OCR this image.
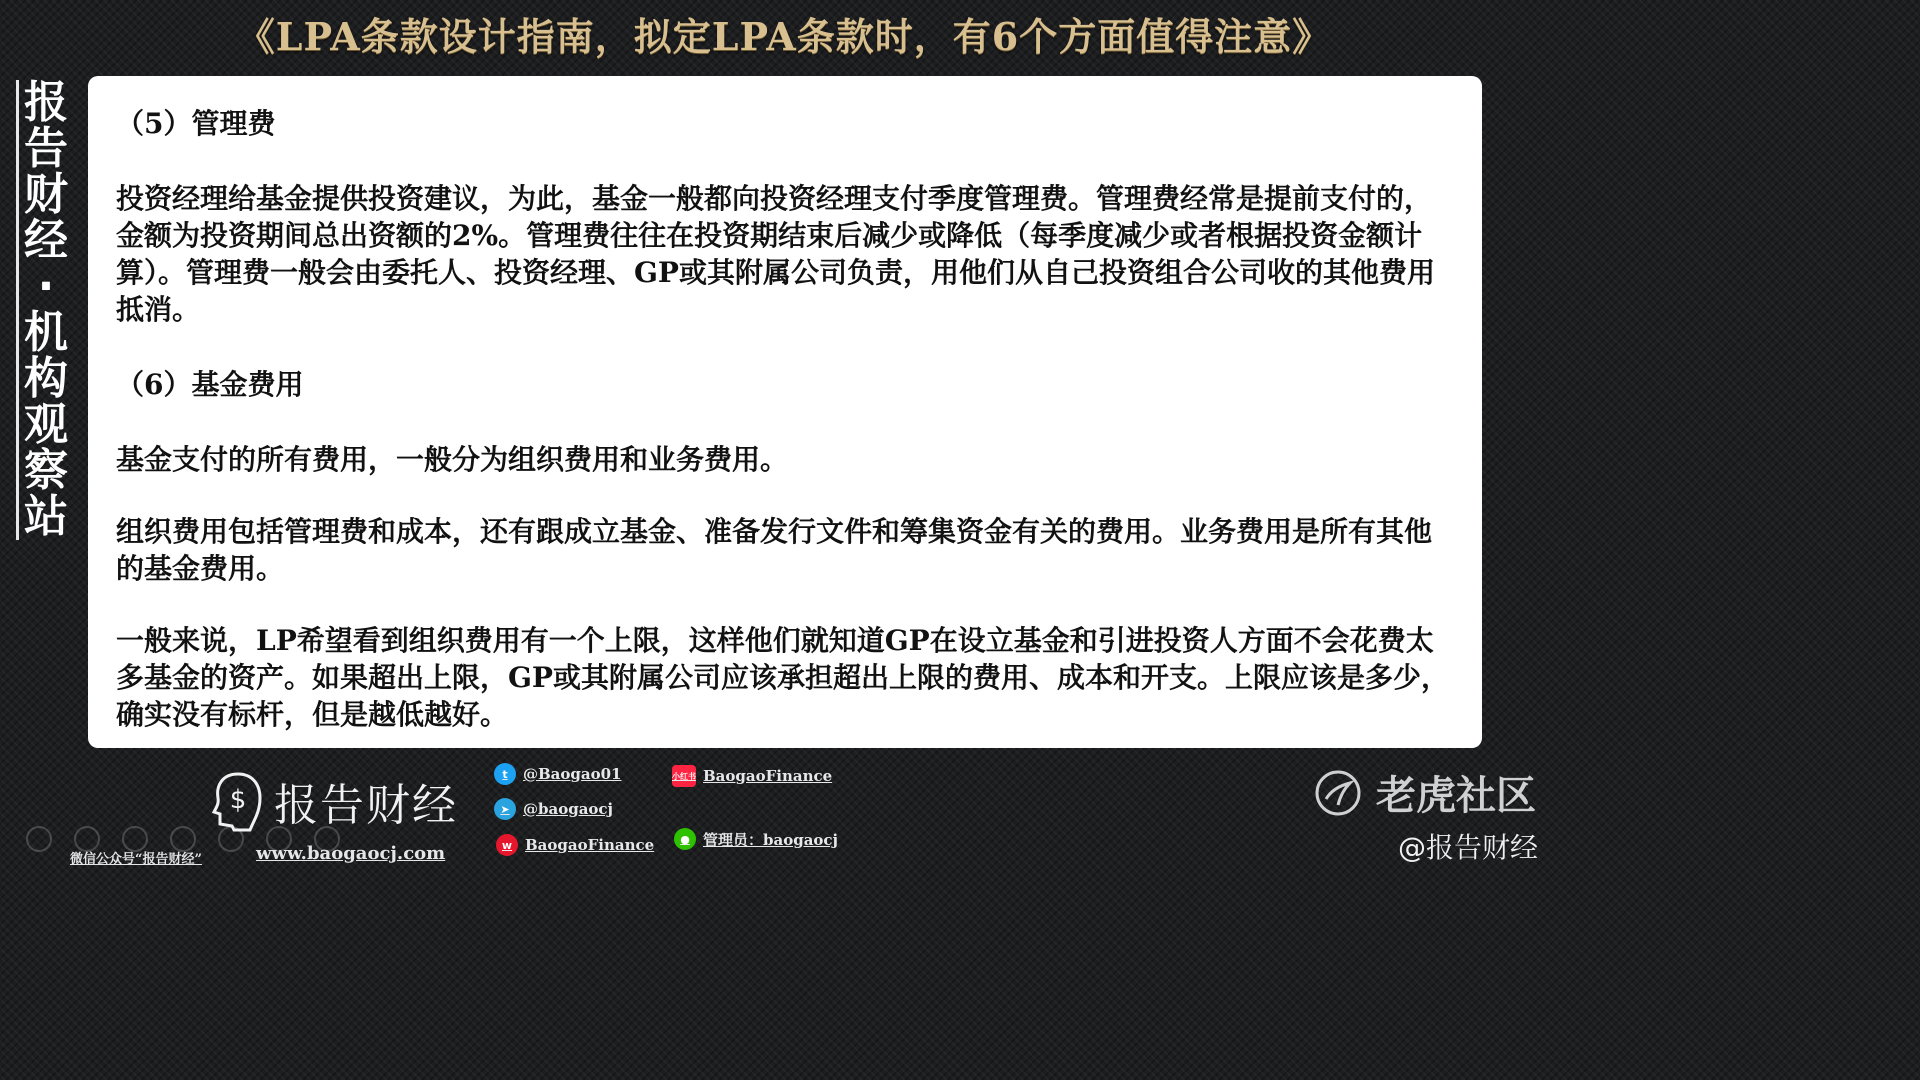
《LPA条款设计指南，拟定LPA条款时，有6个方面值得注意》
报告财经·机构观察站
（5）管理费
投资经理给基金提供投资建议，为此，基金一般都向投资经理支付季度管理费。管理费经常是提前支付的，金额为投资期间总出资额的2%。管理费往往在投资期结束后减少或降低（每季度减少或者根据投资金额计算）。管理费一般会由委托人、投资经理、GP或其附属公司负责，用他们从自己投资组合公司收的其他费用抵消。
（6）基金费用
基金支付的所有费用，一般分为组织费用和业务费用。
组织费用包括管理费和成本，还有跟成立基金、准备发行文件和筹集资金有关的费用。业务费用是所有其他的基金费用。
一般来说，LP希望看到组织费用有一个上限，这样他们就知道GP在设立基金和引进投资人方面不会花费太多基金的资产。如果超出上限，GP或其附属公司应该承担超出上限的费用、成本和开支。上限应该是多少，确实没有标杆，但是越低越好。
$ 报告财经
微信公众号“报告财经”	www.baogaocj.com
t	@Baogao01
➤ @baogaocj
w BaogaoFinance
小红书 BaogaoFinance
● 管理员：baogaocj
老虎社区
@报告财经
